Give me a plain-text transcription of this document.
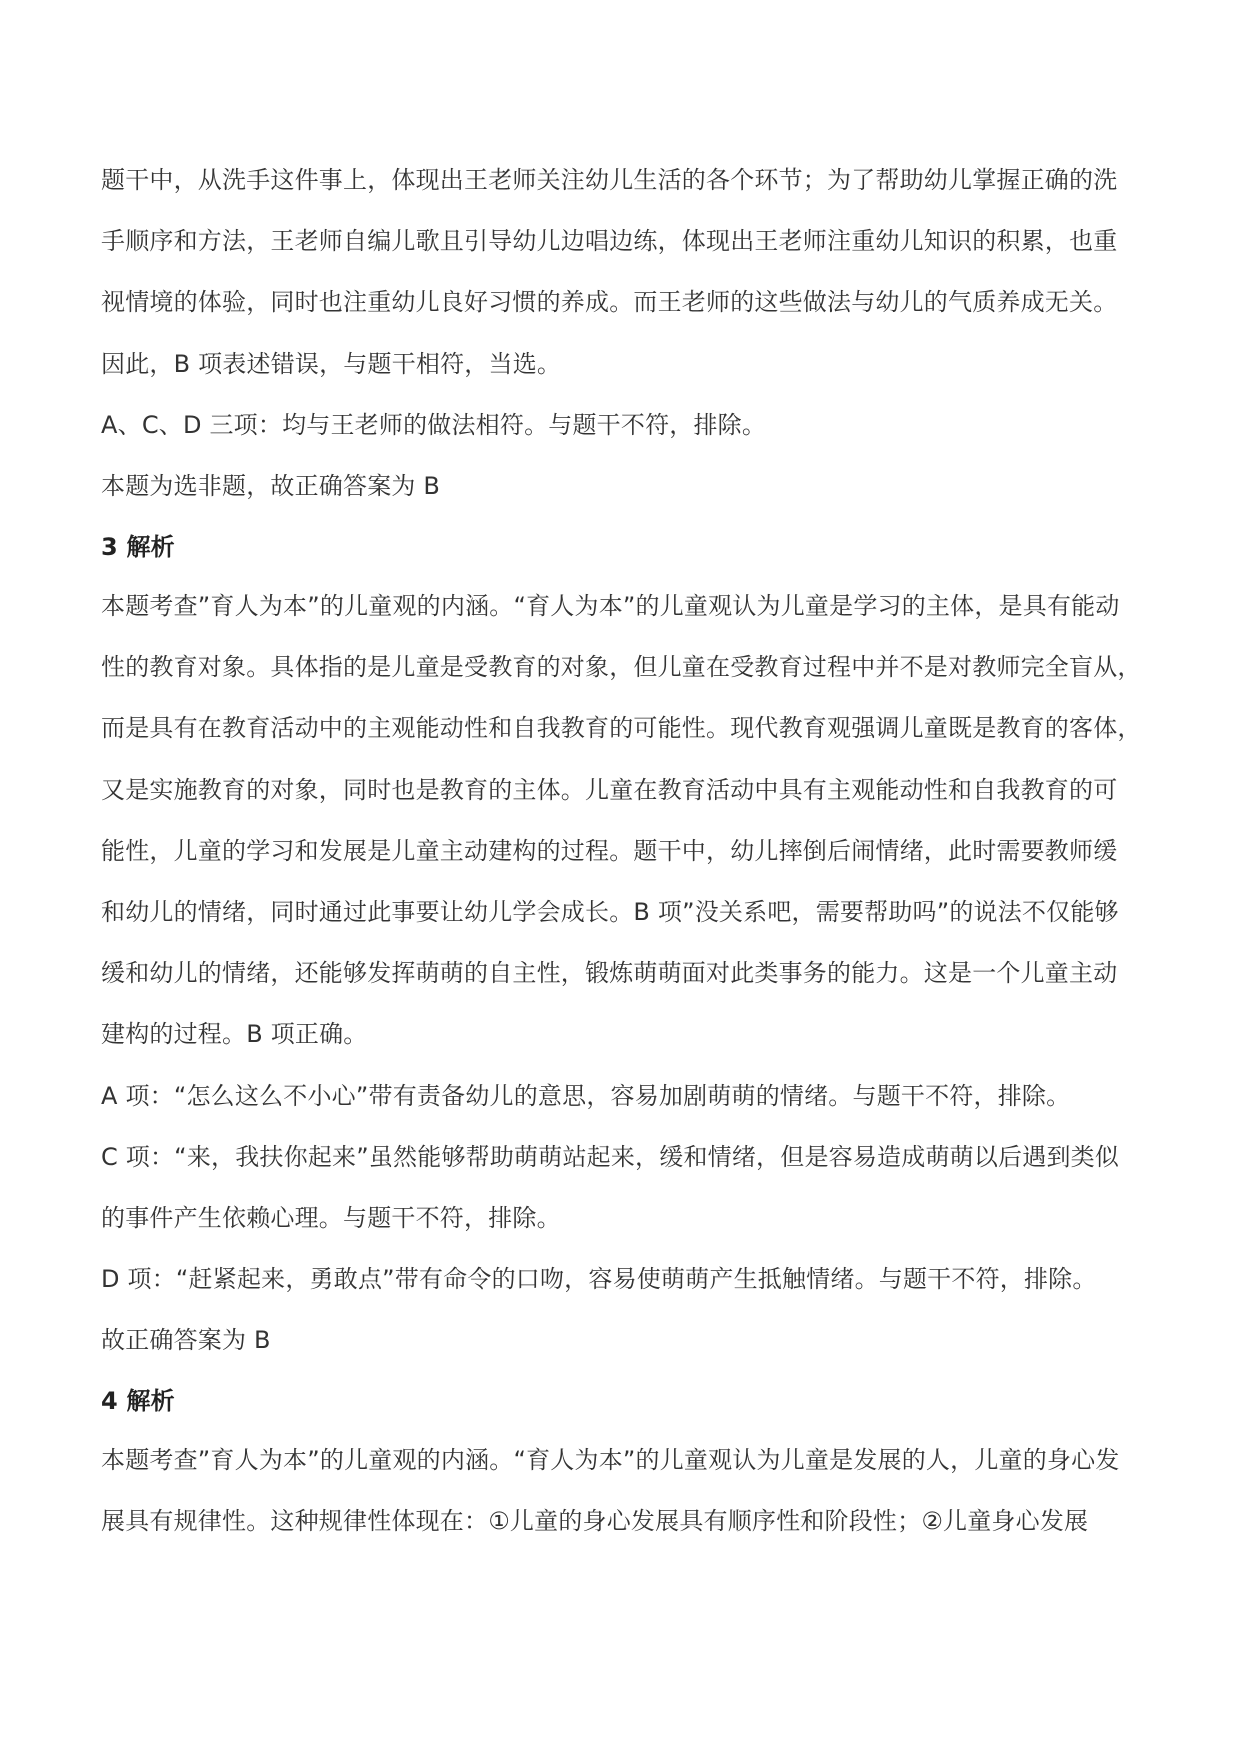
题干中，从洗手这件事上，体现出王老师关注幼儿生活的各个环节；为了帮助幼儿掌握正确的洗
手顺序和方法，王老师自编儿歌且引导幼儿边唱边练，体现出王老师注重幼儿知识的积累，也重
视情境的体验，同时也注重幼儿良好习惯的养成。而王老师的这些做法与幼儿的气质养成无关。
因此，B 项表述错误，与题干相符，当选。
A、C、D 三项：均与王老师的做法相符。与题干不符，排除。
本题为选非题，故正确答案为 B
3 解析
本题考查”育人为本”的儿童观的内涵。“育人为本”的儿童观认为儿童是学习的主体，是具有能动
性的教育对象。具体指的是儿童是受教育的对象，但儿童在受教育过程中并不是对教师完全盲从，
而是具有在教育活动中的主观能动性和自我教育的可能性。现代教育观强调儿童既是教育的客体，
又是实施教育的对象，同时也是教育的主体。儿童在教育活动中具有主观能动性和自我教育的可
能性，儿童的学习和发展是儿童主动建构的过程。题干中，幼儿摔倒后闹情绪，此时需要教师缓
和幼儿的情绪，同时通过此事要让幼儿学会成长。B 项”没关系吧，需要帮助吗”的说法不仅能够
缓和幼儿的情绪，还能够发挥萌萌的自主性，锻炼萌萌面对此类事务的能力。这是一个儿童主动
建构的过程。B 项正确。
A 项：“怎么这么不小心”带有责备幼儿的意思，容易加剧萌萌的情绪。与题干不符，排除。
C 项：“来，我扶你起来”虽然能够帮助萌萌站起来，缓和情绪，但是容易造成萌萌以后遇到类似
的事件产生依赖心理。与题干不符，排除。
D 项：“赶紧起来，勇敢点”带有命令的口吻，容易使萌萌产生抵触情绪。与题干不符，排除。
故正确答案为 B
4 解析
本题考查”育人为本”的儿童观的内涵。“育人为本”的儿童观认为儿童是发展的人，儿童的身心发
展具有规律性。这种规律性体现在：①儿童的身心发展具有顺序性和阶段性；②儿童身心发展
